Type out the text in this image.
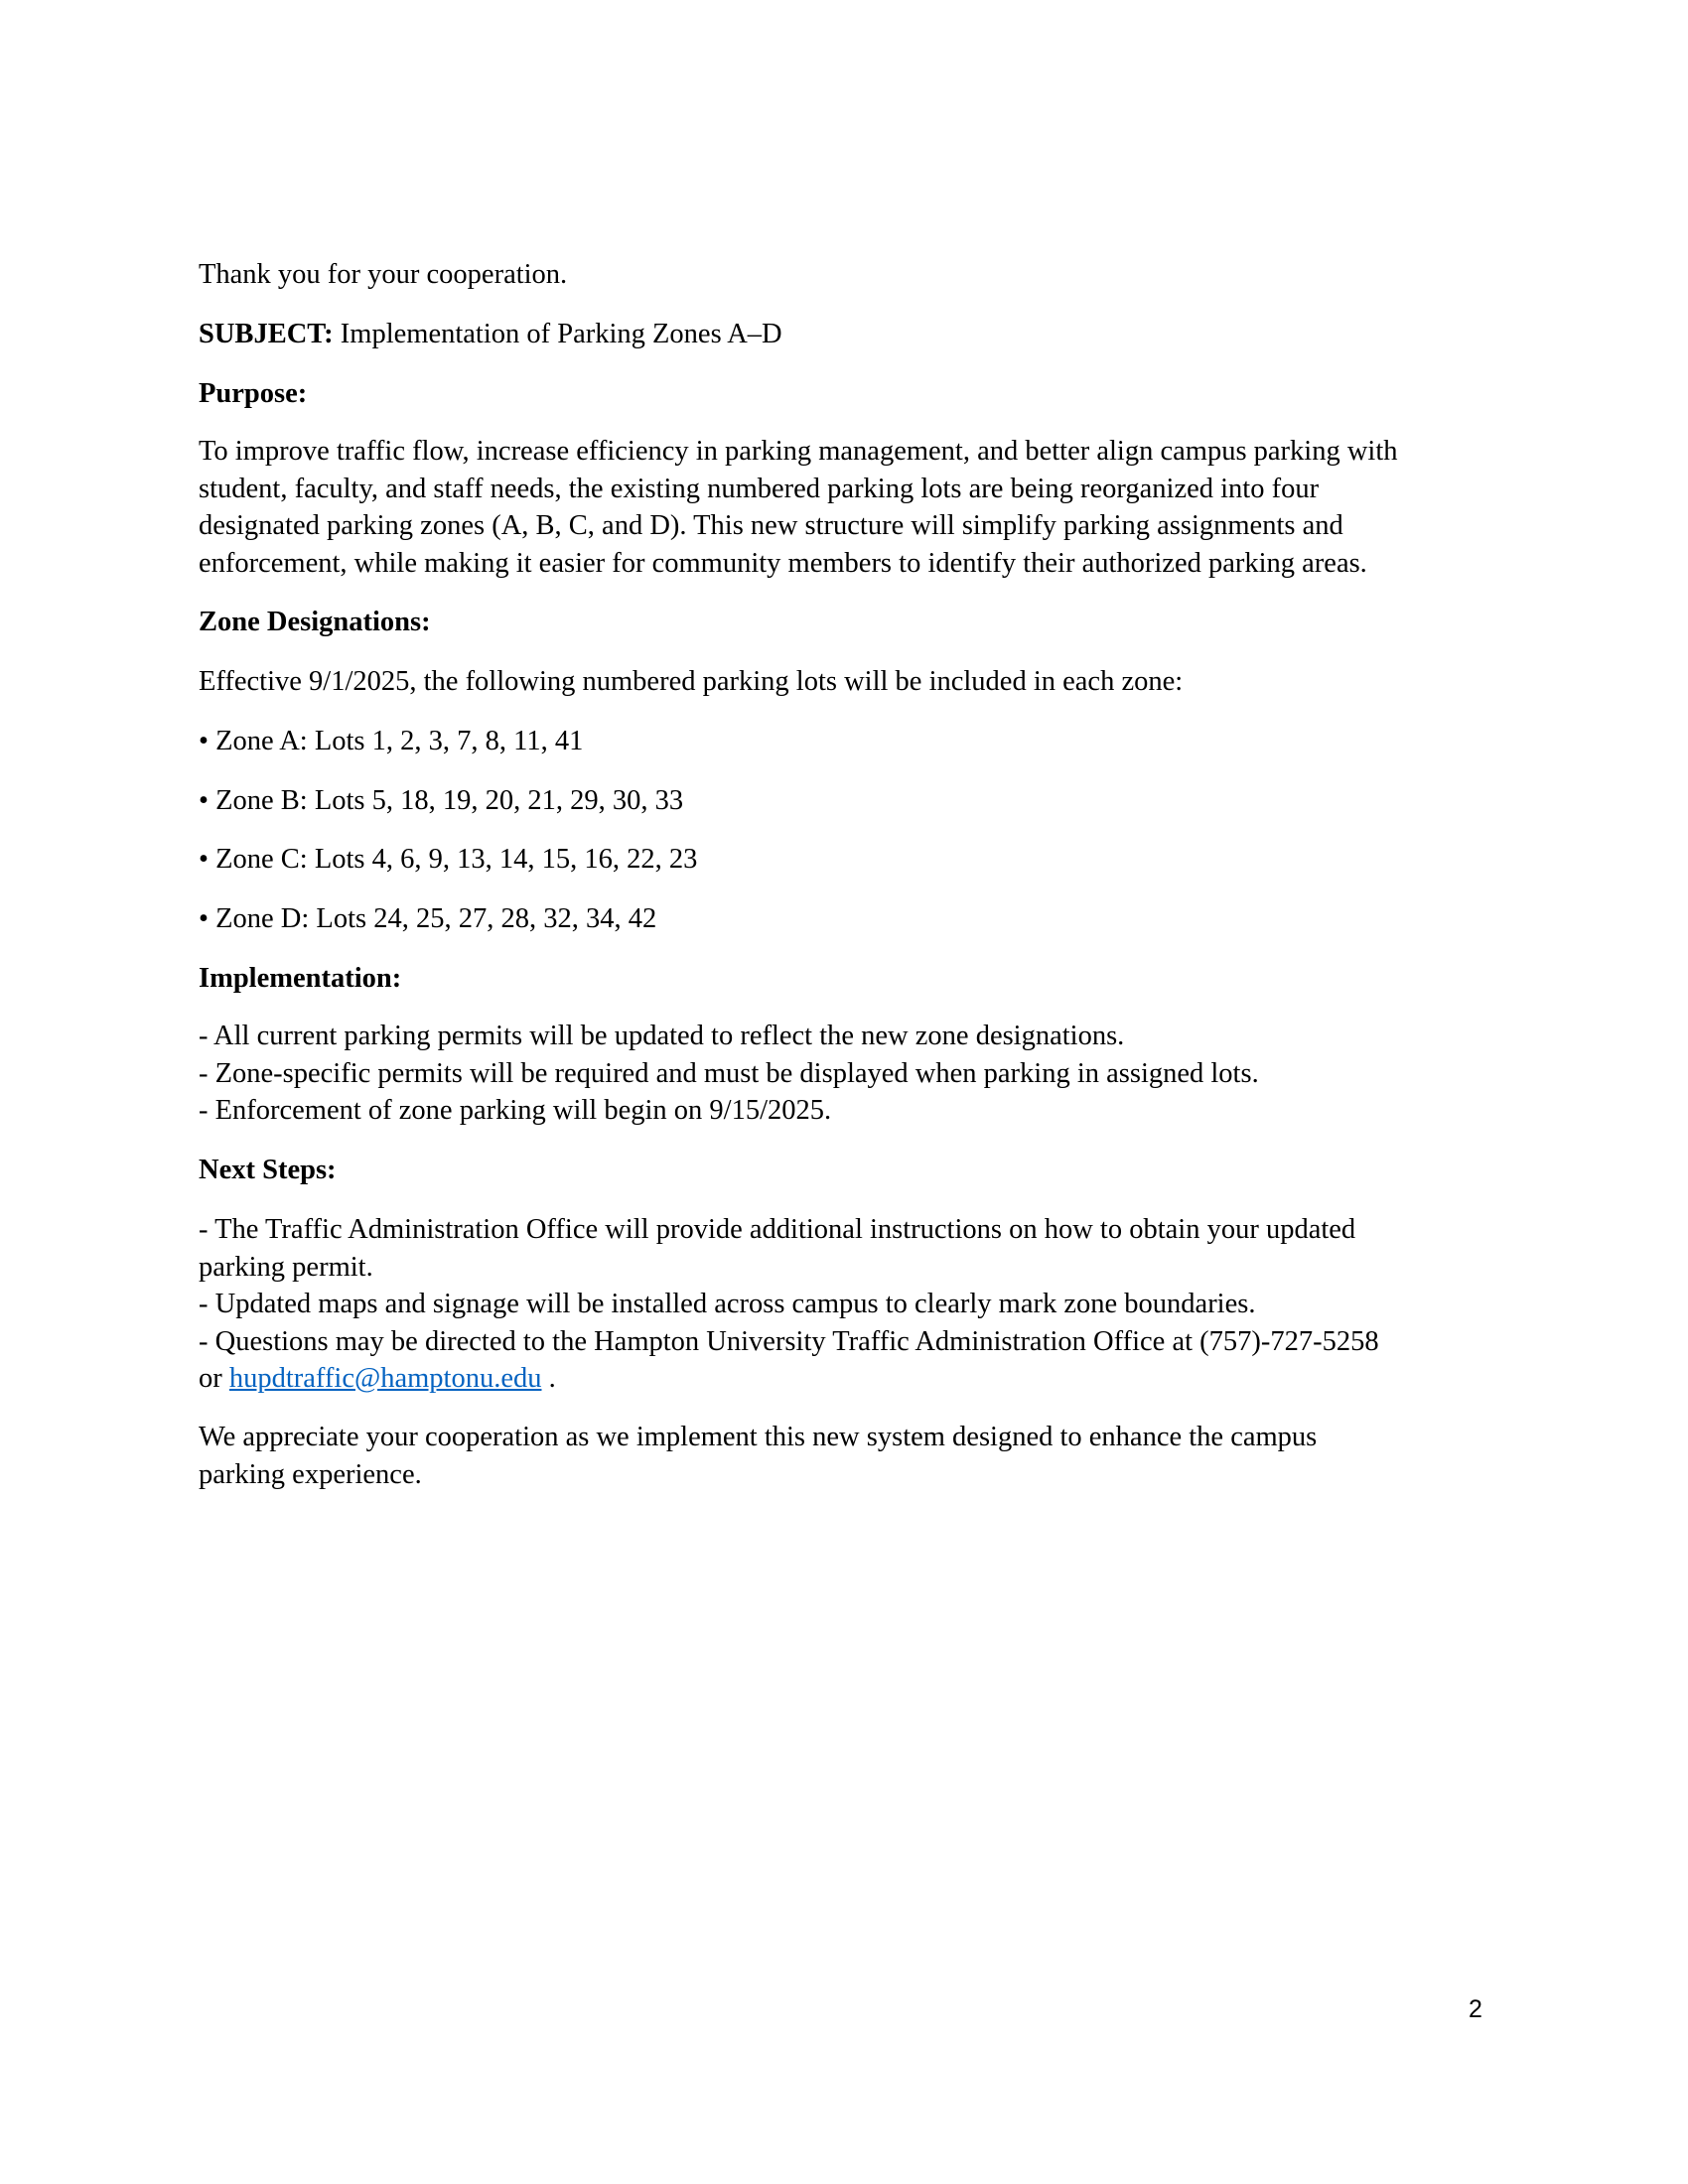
Thank you for your cooperation.
SUBJECT: Implementation of Parking Zones A–D
Purpose:
To improve traffic flow, increase efficiency in parking management, and better align campus parking with
student, faculty, and staff needs, the existing numbered parking lots are being reorganized into four
designated parking zones (A, B, C, and D). This new structure will simplify parking assignments and
enforcement, while making it easier for community members to identify their authorized parking areas.
Zone Designations:
Effective 9/1/2025, the following numbered parking lots will be included in each zone:
• Zone A: Lots 1, 2, 3, 7, 8, 11, 41
• Zone B: Lots 5, 18, 19, 20, 21, 29, 30, 33
• Zone C: Lots 4, 6, 9, 13, 14, 15, 16, 22, 23
• Zone D: Lots 24, 25, 27, 28, 32, 34, 42
Implementation:
- All current parking permits will be updated to reflect the new zone designations.
- Zone-specific permits will be required and must be displayed when parking in assigned lots.
- Enforcement of zone parking will begin on 9/15/2025.
Next Steps:
- The Traffic Administration Office will provide additional instructions on how to obtain your updated
parking permit.
- Updated maps and signage will be installed across campus to clearly mark zone boundaries.
- Questions may be directed to the Hampton University Traffic Administration Office at (757)-727-5258
or hupdtraffic@hamptonu.edu .
We appreciate your cooperation as we implement this new system designed to enhance the campus
parking experience.
2
